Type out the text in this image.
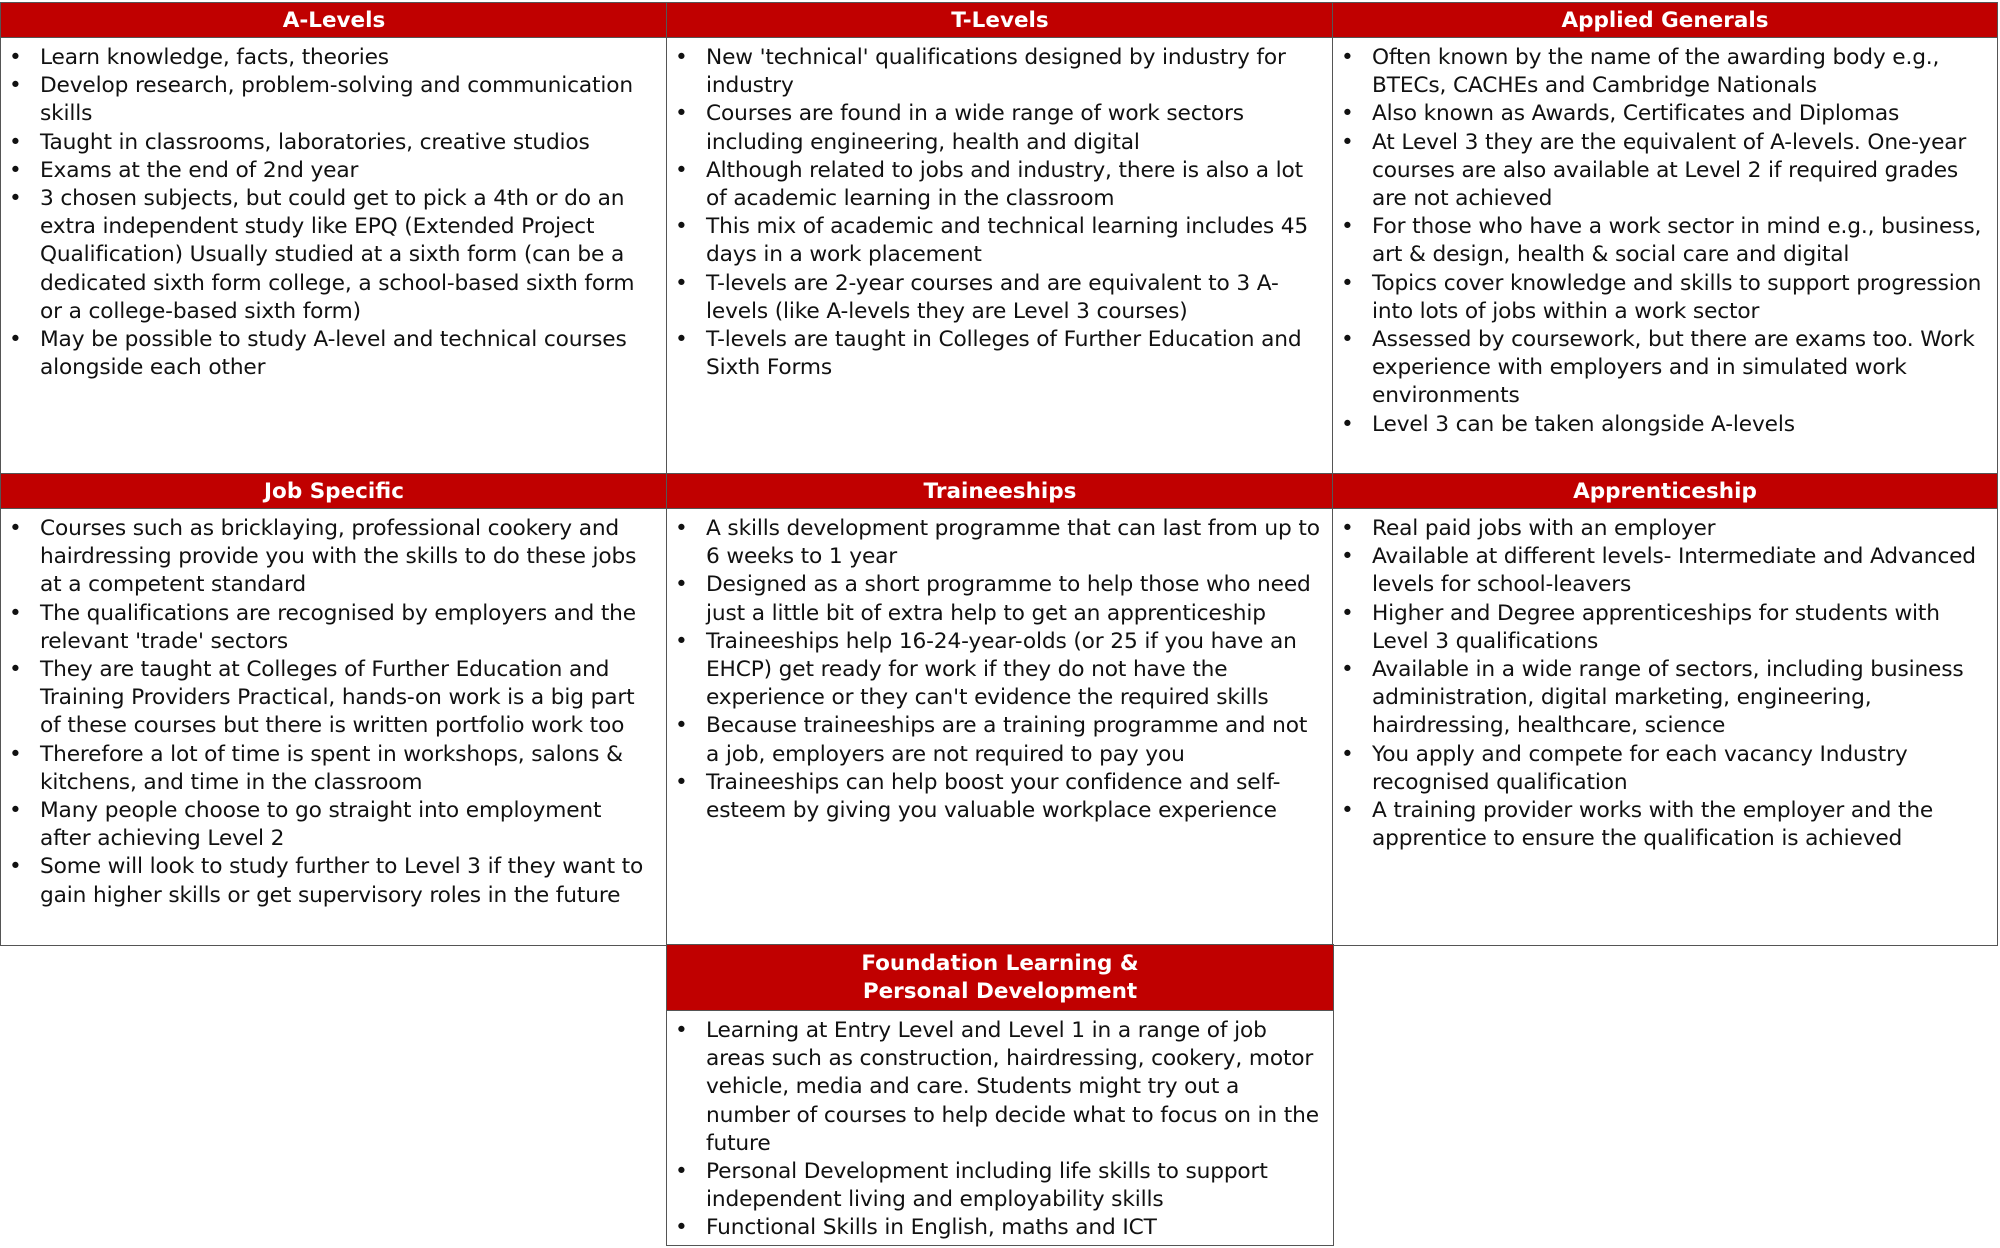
A-Levels
• Learn knowledge, facts, theories
• Develop research, problem-solving and communication skills
• Taught in classrooms, laboratories, creative studios
• Exams at the end of 2nd year
• 3 chosen subjects, but could get to pick a 4th or do an extra independent study like EPQ (Extended Project Qualification) Usually studied at a sixth form (can be a dedicated sixth form college, a school-based sixth form or a college-based sixth form)
• May be possible to study A-level and technical courses alongside each other
T-Levels
• New 'technical' qualifications designed by industry for industry
• Courses are found in a wide range of work sectors including engineering, health and digital
• Although related to jobs and industry, there is also a lot of academic learning in the classroom
• This mix of academic and technical learning includes 45 days in a work placement
• T-levels are 2-year courses and are equivalent to 3 A-levels (like A-levels they are Level 3 courses)
• T-levels are taught in Colleges of Further Education and Sixth Forms
Applied Generals
• Often known by the name of the awarding body e.g., BTECs, CACHEs and Cambridge Nationals
• Also known as Awards, Certificates and Diplomas
• At Level 3 they are the equivalent of A-levels. One-year courses are also available at Level 2 if required grades are not achieved
• For those who have a work sector in mind e.g., business, art & design, health & social care and digital
• Topics cover knowledge and skills to support progression into lots of jobs within a work sector
• Assessed by coursework, but there are exams too. Work experience with employers and in simulated work environments
• Level 3 can be taken alongside A-levels
Job Specific
• Courses such as bricklaying, professional cookery and hairdressing provide you with the skills to do these jobs at a competent standard
• The qualifications are recognised by employers and the relevant 'trade' sectors
• They are taught at Colleges of Further Education and Training Providers Practical, hands-on work is a big part of these courses but there is written portfolio work too
• Therefore a lot of time is spent in workshops, salons & kitchens, and time in the classroom
• Many people choose to go straight into employment after achieving Level 2
• Some will look to study further to Level 3 if they want to gain higher skills or get supervisory roles in the future
Traineeships
• A skills development programme that can last from up to 6 weeks to 1 year
• Designed as a short programme to help those who need just a little bit of extra help to get an apprenticeship
• Traineeships help 16-24-year-olds (or 25 if you have an EHCP) get ready for work if they do not have the experience or they can't evidence the required skills
• Because traineeships are a training programme and not a job, employers are not required to pay you
• Traineeships can help boost your confidence and self-esteem by giving you valuable workplace experience
Apprenticeship
• Real paid jobs with an employer
• Available at different levels- Intermediate and Advanced levels for school-leavers
• Higher and Degree apprenticeships for students with Level 3 qualifications
• Available in a wide range of sectors, including business administration, digital marketing, engineering, hairdressing, healthcare, science
• You apply and compete for each vacancy Industry recognised qualification
• A training provider works with the employer and the apprentice to ensure the qualification is achieved
Foundation Learning &
Personal Development
• Learning at Entry Level and Level 1 in a range of job areas such as construction, hairdressing, cookery, motor vehicle, media and care. Students might try out a number of courses to help decide what to focus on in the future
• Personal Development including life skills to support independent living and employability skills
• Functional Skills in English, maths and ICT
